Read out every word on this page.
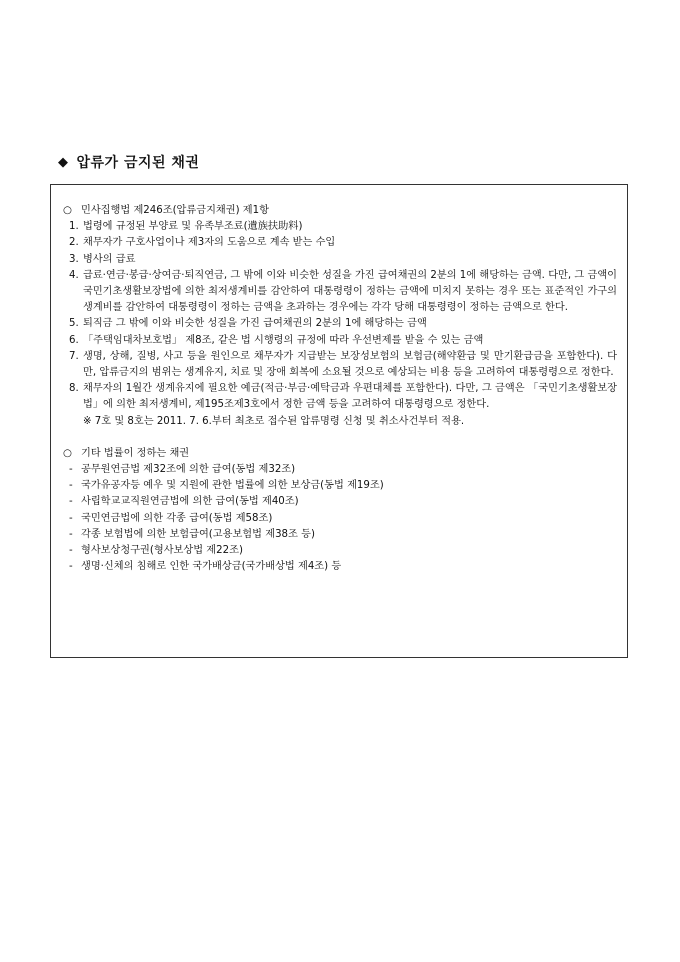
◆ 압류가 금지된 채권
○ 민사집행법 제246조(압류금지채권) 제1항
1. 법령에 규정된 부양료 및 유족부조료(遺族扶助料)
2. 채무자가 구호사업이나 제3자의 도움으로 계속 받는 수입
3. 병사의 급료
4. 급료·연금·봉급·상여금·퇴직연금, 그 밖에 이와 비슷한 성질을 가진 급여채권의 2분의 1에 해당하는 금액. 다만, 그 금액이 국민기초생활보장법에 의한 최저생계비를 감안하여 대통령령이 정하는 금액에 미치지 못하는 경우 또는 표준적인 가구의 생계비를 감안하여 대통령령이 정하는 금액을 초과하는 경우에는 각각 당해 대통령령이 정하는 금액으로 한다.
5. 퇴직금 그 밖에 이와 비슷한 성질을 가진 급여채권의 2분의 1에 해당하는 금액
6. 「주택임대차보호법」 제8조, 같은 법 시행령의 규정에 따라 우선변제를 받을 수 있는 금액
7. 생명, 상해, 질병, 사고 등을 원인으로 채무자가 지급받는 보장성보험의 보험금(해약환급 및 만기환급금을 포함한다). 다만, 압류금지의 범위는 생계유지, 치료 및 장애 회복에 소요될 것으로 예상되는 비용 등을 고려하여 대통령령으로 정한다.
8. 채무자의 1월간 생계유지에 필요한 예금(적금·부금·예탁금과 우편대체를 포함한다). 다만, 그 금액은 「국민기초생활보장법」에 의한 최저생계비, 제195조제3호에서 정한 금액 등을 고려하여 대통령령으로 정한다.
※ 7호 및 8호는 2011. 7. 6.부터 최초로 접수된 압류명령 신청 및 취소사건부터 적용.
○ 기타 법률이 정하는 채권
- 공무원연금법 제32조에 의한 급여(동법 제32조)
- 국가유공자등 예우 및 지원에 관한 법률에 의한 보상금(동법 제19조)
- 사립학교교직원연금법에 의한 급여(동법 제40조)
- 국민연금법에 의한 각종 급여(동법 제58조)
- 각종 보험법에 의한 보험급여(고용보험법 제38조 등)
- 형사보상청구권(형사보상법 제22조)
- 생명·신체의 침해로 인한 국가배상금(국가배상법 제4조) 등
